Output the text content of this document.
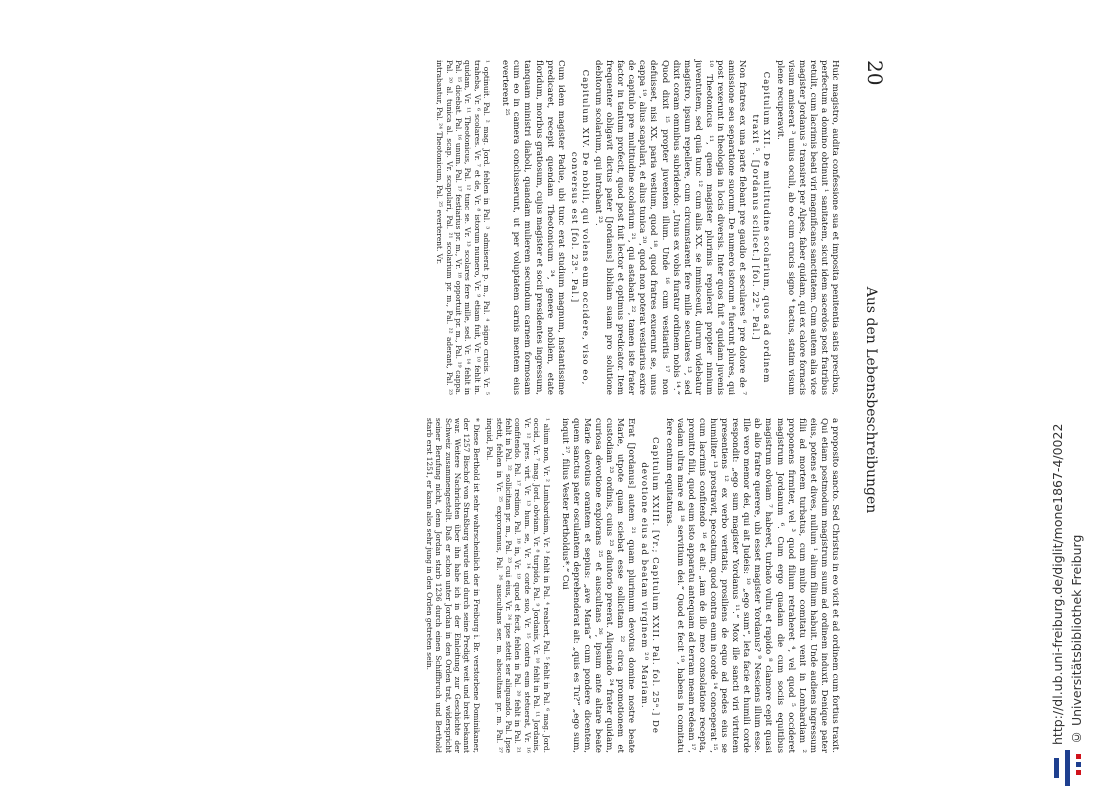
20
Aus den Lebensbeschreibungen

Huic magistro, audita confessione sua et imposita penitentia satis precibus, perfectum a domino obtinuit ¹ sanitatem, sicut idem sacerdos post fratribus retulit, cum lacrimis beati viri magnificans sanctitatem. Cum autem alia vice magister Jordanus ² transiret per Alpes, faber quidam, qui ex calore fornacis visum amiserat ³ unius oculi, ab eo cum crucis signo ⁴ tactus, statim visum plene recuperavit.

Capitulum XII. De multitudine scolarium, quos ad ordinem traxit ⁵. [Jordanus scilicet.] [fol. 22ᵇ. Pal.]

Non fratres ex una parte flebant pre gaudio et seculares ⁶ pre dolore de ⁷ amissione seu separatione suorum. De numero istorum ⁸ fuerunt plures, qui post rexerunt in theologia in locis diversis. Inter quos fuit ⁹ quidam juvenis ¹⁰ Theotonicus ¹¹, quem magister plurimis repulerat propter nimium juventutem, sed quia tunc ¹² cum aliis XX. se immisceuit, durum videbatur magistro, ipsum repellere, cum circumstarent fere mille seculares ¹³, sed dixit coram omnibus subridendo: „Unus ex vobis furatur ordinem nobis ¹⁴.“ Quod dixit ¹⁵ propter juventem illum. Unde ¹⁶ cum vestiaritis ¹⁷ non defuisset, nisi XX. paria vestium, quod ¹⁸, quod fratres exuerunt se, unus cappa ¹⁹, alius scapulari, et alius tunica ²⁰, quod non poterat vestiarius exire de capitulo pre multitudine scolarium ²¹, qui astabant ²², tamen iste frater factor in tantum profecit, quod post fuit lector et optimus predicator. Item frequenter obligavit dictus pater [Jordanus] bibliam suam pro solutione debitorum scolarium, qui intrabant ²³.

Capitulum XIV. De nobili, qui volens eum occidere, viso eo, conversus est [fol. 23ᵃ. Pal.]

Cum idem magister Padue, ubi tunc erat studium magnum, instantissime predicaret, recepit quendam Theotonicum ²⁴, genere nobilem, etate floridum, moribus gratiosum, cujus magister et socii presidentes ingressum, tanquam ministri diaboli, quandam mulierem secundum carnem formosam cum eo in camera conclusserunt, ut per voluptatem carnis mentem eius everterent ²⁵

¹ optinuit. Pal. ² mag. Jord. fehlen in Pal. ³ admiserat p. m., Pal. ⁴ signo crucis. Vr. ⁵ traheba, Vr. ⁶ scolares. Vr. ⁷ et de, Vr. ⁸ istorum numero, Vr. ⁹ etiam fuit, Vr. ¹⁰ fehlt in. quidam, Vr. ¹¹ Theotonicus, Pal. ¹² tunc se. Vr. ¹³ scolares fere mille, sed. Vr. ¹⁴ fehlt in Pal. ¹⁵ dicebat. Pal. ¹⁶ unum. Pal. ¹⁷ festiarius pr. m., Vr. ¹⁸ opportuit pr. m., Pal. ¹⁹ cappa. Pal. ²⁰ al. tunica al. scap. Vr. scapulari, Pal. ²¹ scolarium pr. m., Pal. ²² aderant, Pal. ²³ intrabantur, Pal. ²⁴ Theotonicum, Pal. ²⁵ everterent. Vr.

a proposito sancto. Sed Christus in eo vicit et ad ordinem cum fortius traxit. Qui etiam postmodum magistrum suum ad ordinem induxit. Denique pater eius, potens et dives, nullum ¹ alium filium habuit. Unde audiens ingressum filii ad mortem turbatus, cum multo comitatu venit in Lombardiam ² proponens firmiter, vel ³ quod filium retraheret ⁴, vel quod ⁵ occideret magistrum Jordanum ⁶. Cum ergo quadam die cum sociis equitibus magistrum obviam ⁷ haberet, turbato vultu et rapido ⁸ clamore cepit quasi ab alio fratre querere, ubi esset magister Yordanus? ⁹ Nesciens illum esse. Ille vero memor dei, qui ait Judeis: ¹⁰ „ego sum“, leta facie et humili corde respondit: „ego sum magister Yordanus ¹¹.“ Mox ille sancti viri virtutem presentiens ¹² ex verbo veritatis, prosiliens de equo ad pedes eius se humiliter ¹³ prostravit, peccatum, quod contra eum in corde ¹⁴ conceperat ¹⁵, cum lacrimis confitendo ¹⁶ et ait: „iam de illo meo consolatione recepta, promitto filii, quod eum isto apparatu antequam ad terram meam redeam ¹⁷, vadam ultra mare ad ¹⁸ servitium dei.“ Quod et fecit ¹⁹, habens in comitatu fere centum equitaturas.

Capitulum XXIII. [Vr.; Capitulum XXII. Pal. fol. 25ᵃ.] De devotione eius ad beatam virginem ²⁰ Mariam.

Erat [Jordanus] autem ²¹ quam plurimum devotus domine nostre beate Marie, utpote quam sciebat esse sollicitam ²² circa promotionem et custodiam ²³ ordinis, cuius ²³ adiutorio preerat. Aliquando ²⁴ frater quidam, curiosa devotione explorans ²⁵ et auscultans ²⁶, ipsum ante altare beate Marie devotius orantem et sepius: „ave Maria“ cum pondere dicentem, quem sanctus pater osculantem deprehenderat ait: „quis es Tu?“ „ego sum, inquit ²⁷, filius Vester Bertholdus*.“ Cui

¹ alium non, Vr. ² Lumbardiam, Vr. ³ fehlt in Pal. ⁴ reabert, Pal. ⁵ fehlt in Pal. ⁶ mag. Jord. occid., Vr. ⁷ mag. Jord. obviam. Vr. ⁸ turpido, Pal. ⁹ Jordanis, Vr. ¹⁰ fehlt in Pal. ¹¹ Jordanis, Vr. ¹² pres. virt. Vr. ¹³ hum. se, Vr. ¹⁴ corde suo, Vr. ¹⁵ contra eum stetuerat, Vr. ¹⁶ confitendo. Pal. ¹⁷ redimo, Pal. ¹⁸ in, Vr. ¹⁹ quod et fecit, fehlen in Pal. ²⁰ fehlt in Pal. ²¹ fehlt in Pal. ²² sollicitam pr. m., Pal. ²³ cui eius, Vr. ²⁴ ipse stetit ser aliquando. Pal. Ipse stetit, fehlen in Vr. ²⁵ exproramus, Pal. ²⁶ auscultans ser. m. abscultans pr. m. Pal. ²⁷ inquid, Pal.

* Diese Berthold ist sehr wahrscheinlich der in Freiburg i. Br. verstorbene Dominikaner, der 1257 Bischof von Straßburg wurde und durch seine Predigt weit und breit bekannt war. Weitere Nachrichten über ihn habe ich in der Einleitung zur Geschichte der Schweiz zusammengestellt. Daß er schon unter Jordan in den Orden trat, widerspricht seiner Berufung nicht, denn Jordan starb 1236 durch einen Schiffbruch und Berthold starb erst 1251, er kann also sehr jung in den Orden getreten sein.	http://dl.ub.uni-freiburg.de/diglit/mone1867-4/0022 © Universitätsbibliothek Freiburg
